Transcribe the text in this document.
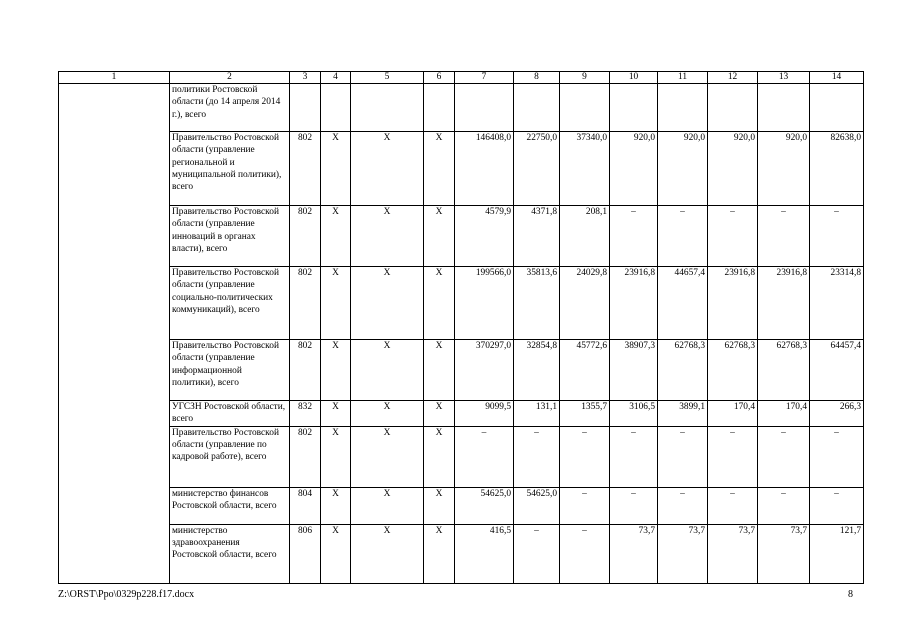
1	2	3	4	5	6	7	8	9	10	11	12	13	14
	политики Ростовской области (до 14 апреля 2014 г.), всего												
	Правительство Ростовской области (управление региональной и муниципальной политики), всего	802	X	X	X	146408,0	22750,0	37340,0	920,0	920,0	920,0	920,0	82638,0
	Правительство Ростовской области (управление инноваций в органах власти), всего	802	X	X	X	4579,9	4371,8	208,1	–	–	–	–	–
	Правительство Ростовской области (управление социально-политических коммуникаций), всего	802	X	X	X	199566,0	35813,6	24029,8	23916,8	44657,4	23916,8	23916,8	23314,8
	Правительство Ростовской области (управление информационной политики), всего	802	X	X	X	370297,0	32854,8	45772,6	38907,3	62768,3	62768,3	62768,3	64457,4
	УГСЗН Ростовской области, всего	832	X	X	X	9099,5	131,1	1355,7	3106,5	3899,1	170,4	170,4	266,3
	Правительство Ростовской области (управление по кадровой работе), всего	802	X	X	X	–	–	–	–	–	–	–	–
	министерство финансов Ростовской области, всего	804	X	X	X	54625,0	54625,0	–	–	–	–	–	–
	министерство здравоохранения Ростовской области, всего	806	X	X	X	416,5	–	–	73,7	73,7	73,7	73,7	121,7
Z:\ORST\Ppo\0329p228.f17.docx	8
